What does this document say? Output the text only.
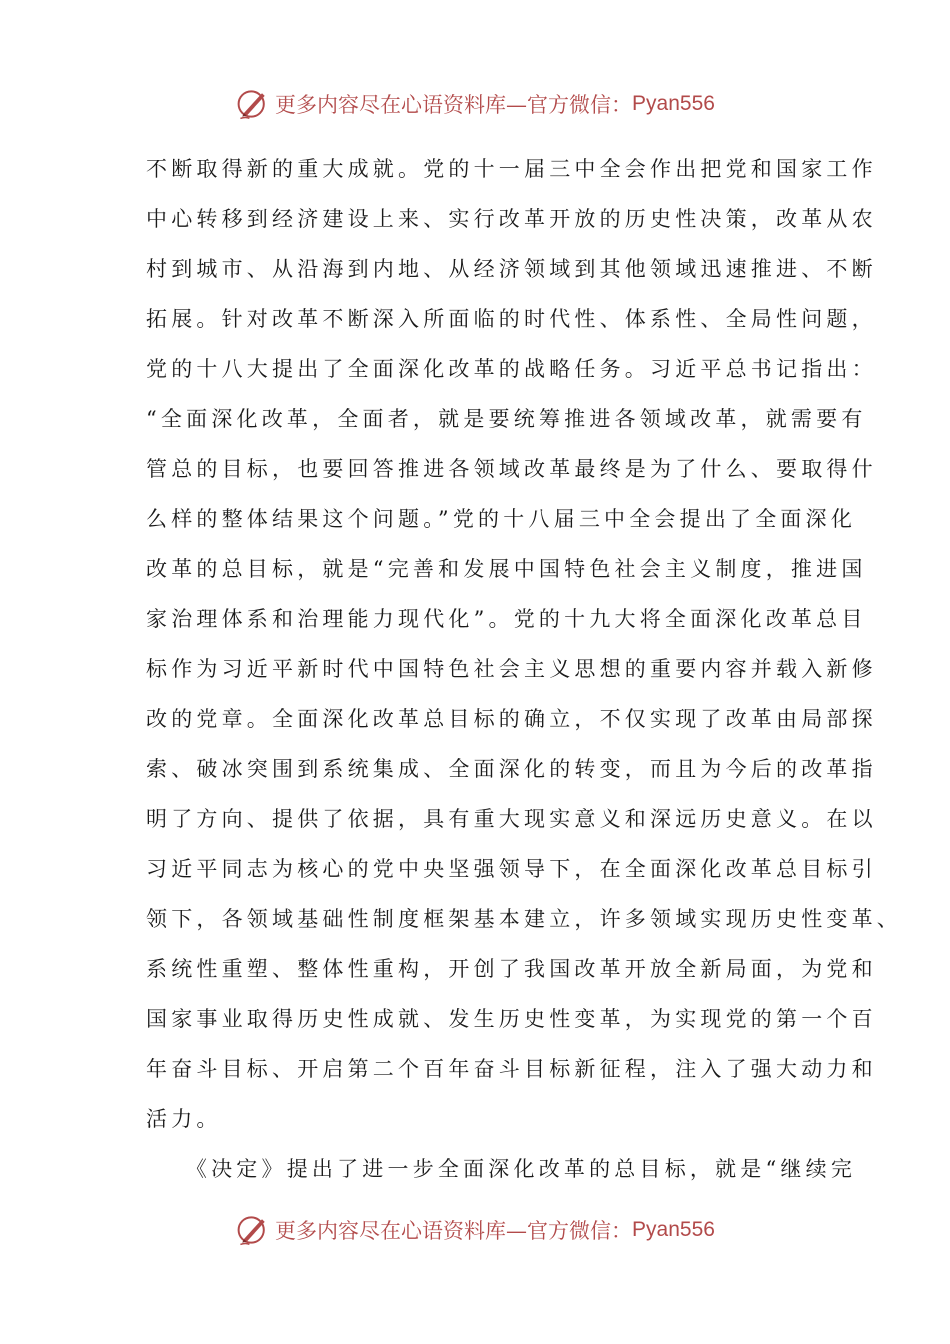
更多内容尽在心语资料库—官方微信： Pyan556
不断取得新的重大成就。党的十一届三中全会作出把党和国家工作
中心转移到经济建设上来、实行改革开放的历史性决策，改革从农
村到城市、从沿海到内地、从经济领域到其他领域迅速推进、不断
拓展。针对改革不断深入所面临的时代性、体系性、全局性问题，
党的十八大提出了全面深化改革的战略任务。习近平总书记指出：
“全面深化改革，全面者，就是要统筹推进各领域改革，就需要有
管总的目标，也要回答推进各领域改革最终是为了什么、要取得什
么样的整体结果这个问题。”党的十八届三中全会提出了全面深化
改革的总目标，就是“完善和发展中国特色社会主义制度，推进国
家治理体系和治理能力现代化”。党的十九大将全面深化改革总目
标作为习近平新时代中国特色社会主义思想的重要内容并载入新修
改的党章。全面深化改革总目标的确立，不仅实现了改革由局部探
索、破冰突围到系统集成、全面深化的转变，而且为今后的改革指
明了方向、提供了依据，具有重大现实意义和深远历史意义。在以
习近平同志为核心的党中央坚强领导下，在全面深化改革总目标引
领下，各领域基础性制度框架基本建立，许多领域实现历史性变革、
系统性重塑、整体性重构，开创了我国改革开放全新局面，为党和
国家事业取得历史性成就、发生历史性变革，为实现党的第一个百
年奋斗目标、开启第二个百年奋斗目标新征程，注入了强大动力和
活力。
　　《决定》提出了进一步全面深化改革的总目标，就是“继续完
更多内容尽在心语资料库—官方微信： Pyan556
